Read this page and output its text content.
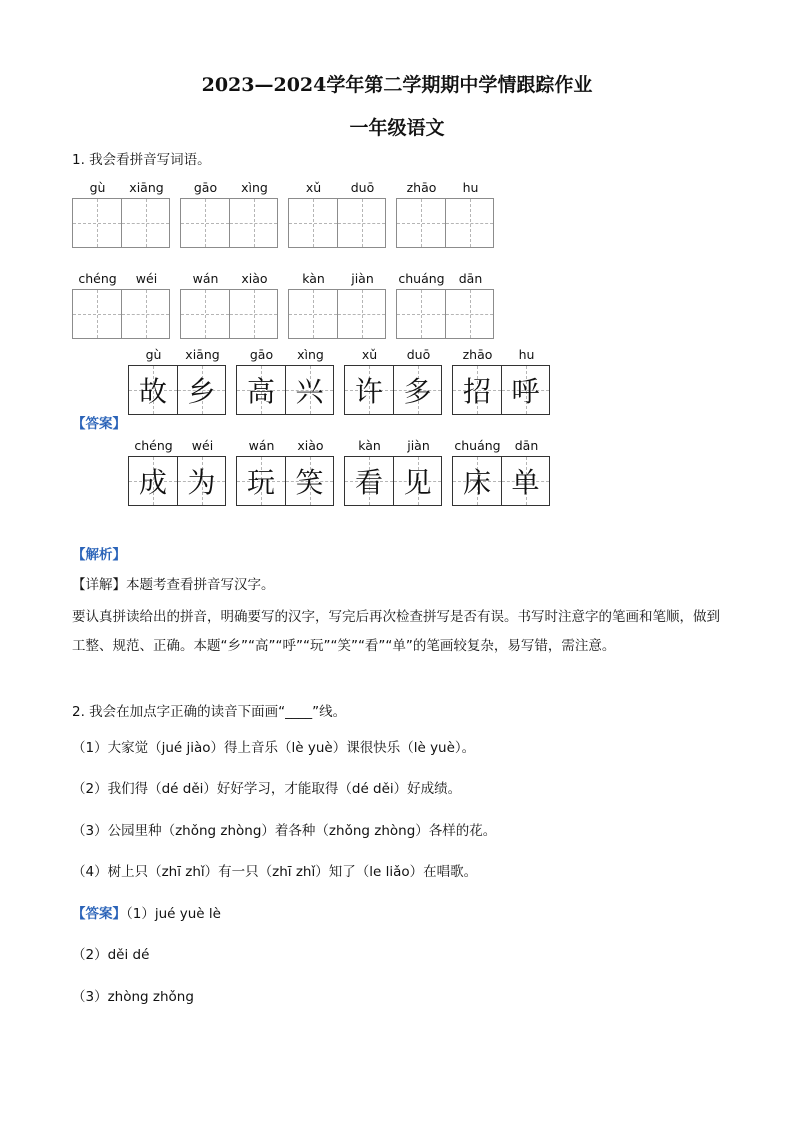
2023—2024学年第二学期期中学情跟踪作业
一年级语文
1. 我会看拼音写词语。
gù	xiāng	gāo	xìng	xǔ	duō	zhāo	hu
chéng	wéi	wán	xiào	kàn	jiàn	chuáng	dān
gù	xiāng	gāo	xìng	xǔ	duō	zhāo	hu
故 乡	高 兴	许 多	招 呼
【答案】
chéng	wéi	wán	xiào	kàn	jiàn	chuáng	dān
成 为	玩 笑	看 见	床 单
【解析】
【详解】本题考查看拼音写汉字。
要认真拼读给出的拼音，明确要写的汉字，写完后再次检查拼写是否有误。书写时注意字的笔画和笔顺，做到工整、规范、正确。本题“乡”“高”“呼”“玩”“笑”“看”“单”的笔画较复杂，易写错，需注意。
2. 我会在加点字正确的读音下面画“____”线。
（1）大家觉（jué jiào）得上音乐（lè yuè）课很快乐（lè yuè）。
（2）我们得（dé děi）好好学习，才能取得（dé děi）好成绩。
（3）公园里种（zhǒng zhòng）着各种（zhǒng zhòng）各样的花。
（4）树上只（zhī zhǐ）有一只（zhī zhǐ）知了（le liǎo）在唱歌。
【答案】（1）jué yuè lè
（2）děi dé
（3）zhòng zhǒng
